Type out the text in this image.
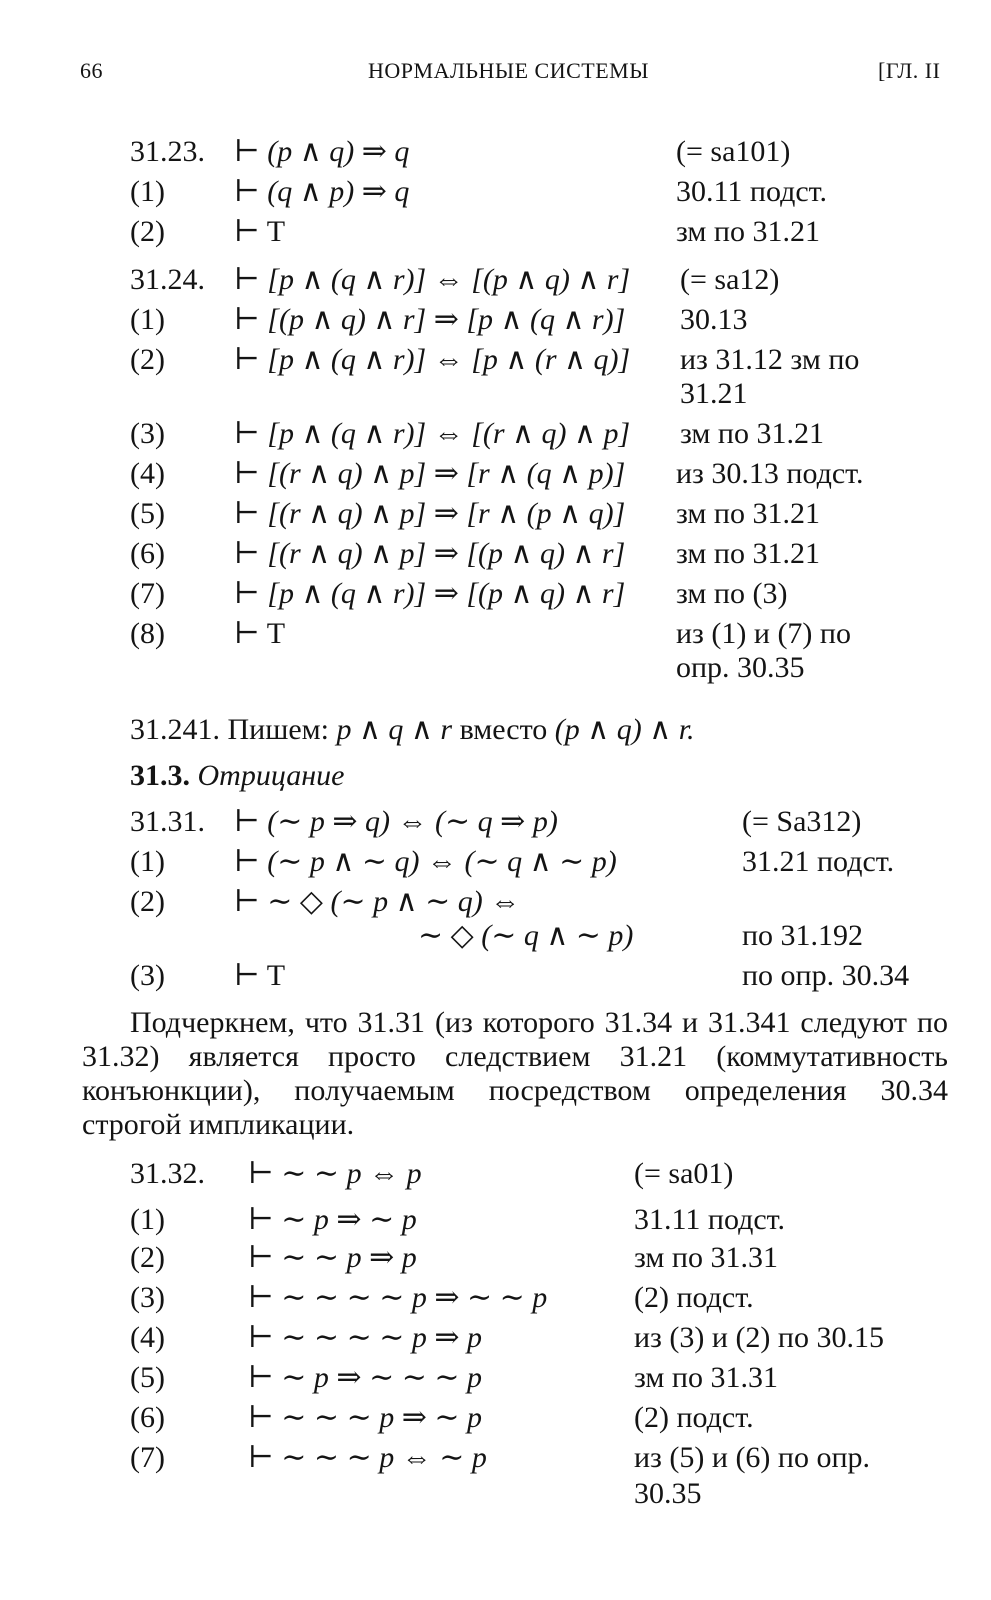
66	НОРМАЛЬНЫЕ СИСТЕМЫ	[ГЛ. II
31.23. ⊢ (p ∧ q) ⇒ q	(= sa101)
(1) ⊢ (q ∧ p) ⇒ q	30.11 подст.
(2) ⊢ T	зм по 31.21
31.24. ⊢ [p ∧ (q ∧ r)] ⇔ [(p ∧ q) ∧ r] (= sa12)
(1) ⊢ [(p ∧ q) ∧ r] ⇒ [p ∧ (q ∧ r)] 30.13
(2) ⊢ [p ∧ (q ∧ r)] ⇔ [p ∧ (r ∧ q)] из 31.12 зм по
31.21
(3) ⊢ [p ∧ (q ∧ r)] ⇔ [(r ∧ q) ∧ p] зм по 31.21
(4) ⊢ [(r ∧ q) ∧ p] ⇒ [r ∧ (q ∧ p)] из 30.13 подст.
(5) ⊢ [(r ∧ q) ∧ p] ⇒ [r ∧ (p ∧ q)] зм по 31.21
(6) ⊢ [(r ∧ q) ∧ p] ⇒ [(p ∧ q) ∧ r] зм по 31.21
(7) ⊢ [p ∧ (q ∧ r)] ⇒ [(p ∧ q) ∧ r] зм по (3)
(8) ⊢ T	из (1) и (7) по
опр. 30.35
31.241. Пишем: p ∧ q ∧ r вместо (p ∧ q) ∧ r.
31.3. Отрицание
31.31. ⊢ (∼ p ⇒ q) ⇔ (∼ q ⇒ p)	(= Sa312)
(1) ⊢ (∼ p ∧ ∼ q) ⇔ (∼ q ∧ ∼ p)	31.21 подст.
(2) ⊢ ∼ ◇ (∼ p ∧ ∼ q) ⇔
∼ ◇ (∼ q ∧ ∼ p)	по 31.192
(3) ⊢ T	по опр. 30.34
Подчеркнем, что 31.31 (из которого 31.34 и 31.341 следуют по 31.32) является просто следствием 31.21 (коммутативность конъюнкции), получаемым посредством определения 30.34 строгой импликации.
31.32. ⊢ ∼ ∼ p ⇔ p	(= sa01)
(1)	⊢ ∼ p ⇒ ∼ p	31.11 подст.
(2)	⊢ ∼ ∼ p ⇒ p	зм по 31.31
(3)	⊢ ∼ ∼ ∼ ∼ p ⇒ ∼ ∼ p	(2) подст.
(4)	⊢ ∼ ∼ ∼ ∼ p ⇒ p	из (3) и (2) по 30.15
(5)	⊢ ∼ p ⇒ ∼ ∼ ∼ p	зм по 31.31
(6)	⊢ ∼ ∼ ∼ p ⇒ ∼ p	(2) подст.
(7)	⊢ ∼ ∼ ∼ p ⇔ ∼ p	из (5) и (6) по опр.
30.35
